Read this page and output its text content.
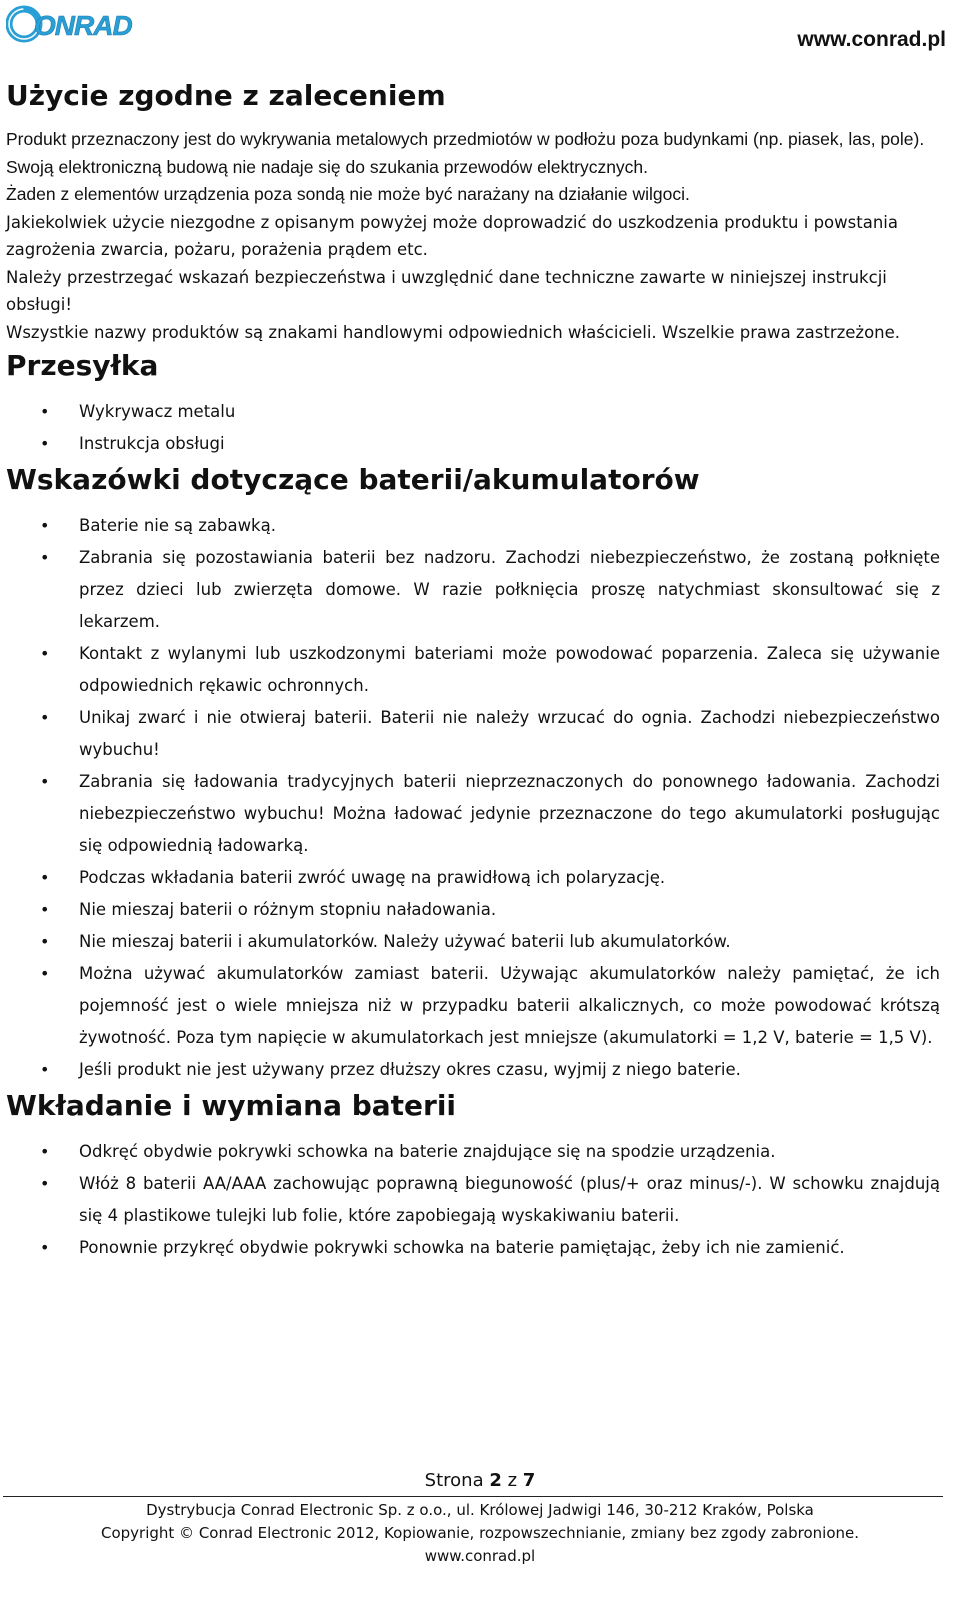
ONRAD	www.conrad.pl
Użycie zgodne z zaleceniem

Produkt przeznaczony jest do wykrywania metalowych przedmiotów w podłożu poza budynkami (np. piasek, las, pole).

Swoją elektroniczną budową nie nadaje się do szukania przewodów elektrycznych.

Żaden z elementów urządzenia poza sondą nie może być narażany na działanie wilgoci.

Jakiekolwiek użycie niezgodne z opisanym powyżej może doprowadzić do uszkodzenia produktu i powstania zagrożenia zwarcia, pożaru, porażenia prądem etc.

Należy przestrzegać wskazań bezpieczeństwa i uwzględnić dane techniczne zawarte w niniejszej instrukcji obsługi!

Wszystkie nazwy produktów są znakami handlowymi odpowiednich właścicieli. Wszelkie prawa zastrzeżone.

Przesyłka
• Wykrywacz metalu
• Instrukcja obsługi
Wskazówki dotyczące baterii/akumulatorów
• Baterie nie są zabawką.
• Zabrania się pozostawiania baterii bez nadzoru. Zachodzi niebezpieczeństwo, że zostaną połknięte przez dzieci lub zwierzęta domowe. W razie połknięcia proszę natychmiast skonsultować się z lekarzem.
• Kontakt z wylanymi lub uszkodzonymi bateriami może powodować poparzenia. Zaleca się używanie odpowiednich rękawic ochronnych.
• Unikaj zwarć i nie otwieraj baterii. Baterii nie należy wrzucać do ognia. Zachodzi niebezpieczeństwo wybuchu!
• Zabrania się ładowania tradycyjnych baterii nieprzeznaczonych do ponownego ładowania. Zachodzi niebezpieczeństwo wybuchu! Można ładować jedynie przeznaczone do tego akumulatorki posługując się odpowiednią ładowarką.
• Podczas wkładania baterii zwróć uwagę na prawidłową ich polaryzację.
• Nie mieszaj baterii o różnym stopniu naładowania.
• Nie mieszaj baterii i akumulatorków. Należy używać baterii lub akumulatorków.
• Można używać akumulatorków zamiast baterii. Używając akumulatorków należy pamiętać, że ich pojemność jest o wiele mniejsza niż w przypadku baterii alkalicznych, co może powodować krótszą żywotność. Poza tym napięcie w akumulatorkach jest mniejsze (akumulatorki = 1,2 V, baterie = 1,5 V).
• Jeśli produkt nie jest używany przez dłuższy okres czasu, wyjmij z niego baterie.
Wkładanie i wymiana baterii
• Odkręć obydwie pokrywki schowka na baterie znajdujące się na spodzie urządzenia.
• Włóż 8 baterii AA/AAA zachowując poprawną biegunowość (plus/+ oraz minus/-). W schowku znajdują się 4 plastikowe tulejki lub folie, które zapobiegają wyskakiwaniu baterii.
• Ponownie przykręć obydwie pokrywki schowka na baterie pamiętając, żeby ich nie zamienić.
Strona 2 z 7
Dystrybucja Conrad Electronic Sp. z o.o., ul. Królowej Jadwigi 146, 30-212 Kraków, Polska
Copyright © Conrad Electronic 2012, Kopiowanie, rozpowszechnianie, zmiany bez zgody zabronione.
www.conrad.pl
